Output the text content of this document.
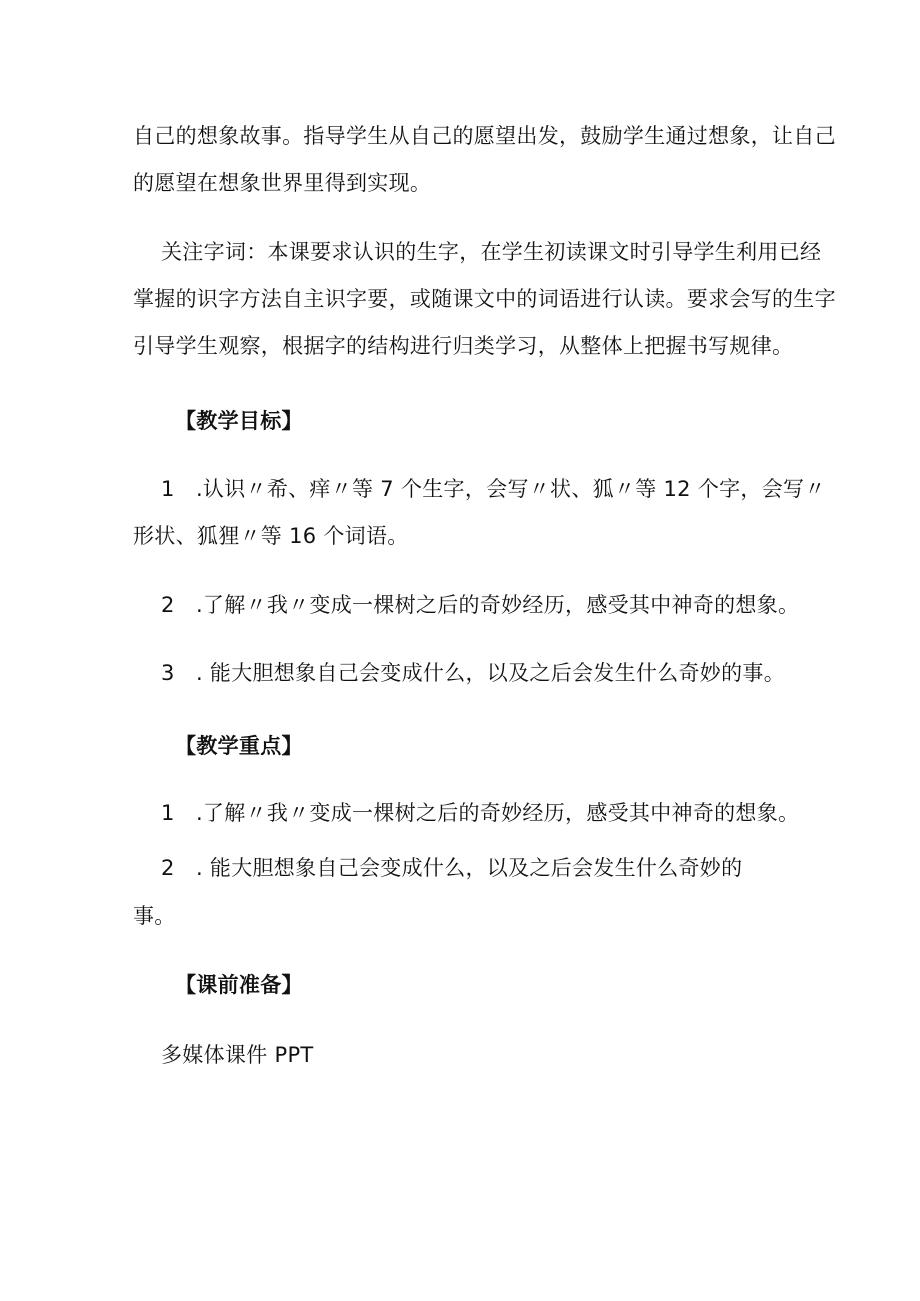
自己的想象故事。指导学生从自己的愿望出发，鼓励学生通过想象，让自己
的愿望在想象世界里得到实现。
关注字词：本课要求认识的生字，在学生初读课文时引导学生利用已经
掌握的识字方法自主识字要，或随课文中的词语进行认读。要求会写的生字
引导学生观察，根据字的结构进行归类学习，从整体上把握书写规律。
【教学目标】
1　.认识〃希、痒〃等 7 个生字，会写〃状、狐〃等 12 个字，会写〃
形状、狐狸〃等 16 个词语。
2　.了解〃我〃变成一棵树之后的奇妙经历，感受其中神奇的想象。
3　. 能大胆想象自己会变成什么，以及之后会发生什么奇妙的事。
【教学重点】
1　.了解〃我〃变成一棵树之后的奇妙经历，感受其中神奇的想象。
2　. 能大胆想象自己会变成什么，以及之后会发生什么奇妙的
事。
【课前准备】
多媒体课件 PPT
